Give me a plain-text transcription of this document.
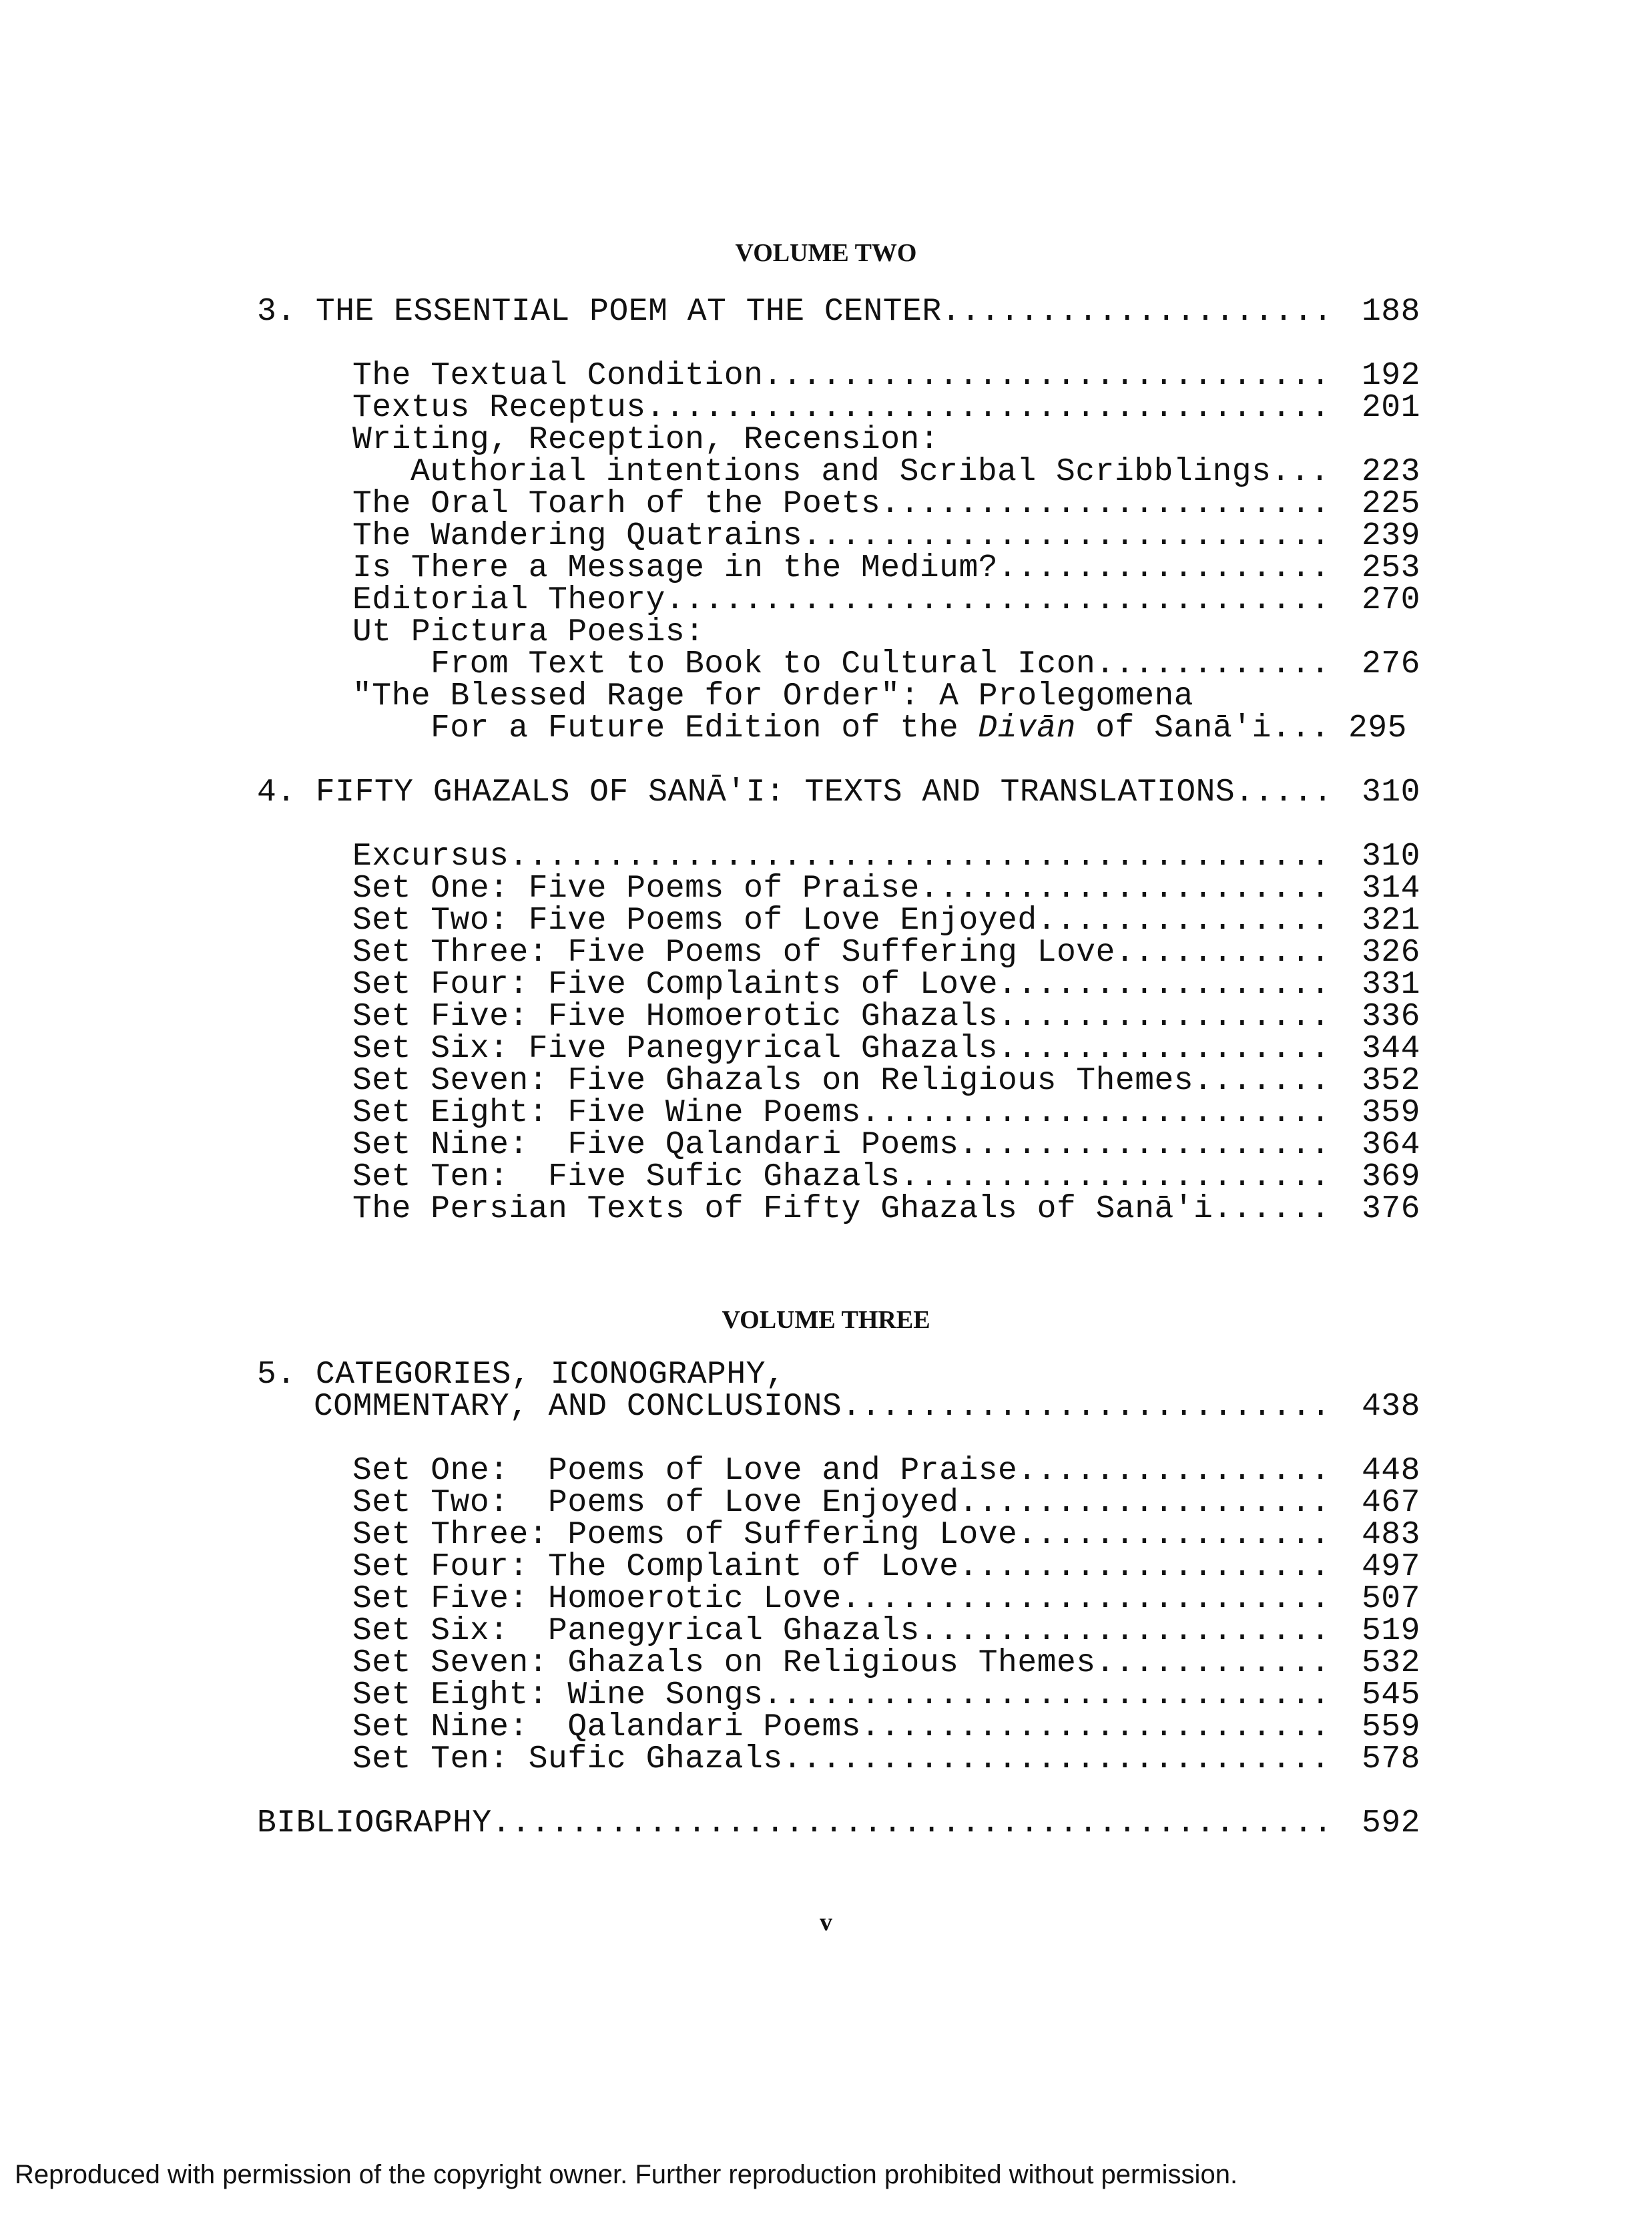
VOLUME TWO
3. THE ESSENTIAL POEM AT THE CENTER .................... 188
The Textual Condition ............................. 192
Textus Receptus ................................... 201
Writing, Reception, Recension:
Authorial intentions and Scribal Scribblings ... 223
The Oral Toarh of the Poets ....................... 225
The Wandering Quatrains ........................... 239
Is There a Message in the Medium? ................. 253
Editorial Theory .................................. 270
Ut Pictura Poesis:
From Text to Book to Cultural Icon ............ 276
"The Blessed Rage for Order": A Prolegomena
For a Future Edition of the Divān of Sanā'i ... 295
4. FIFTY GHAZALS OF SANĀ'I: TEXTS AND TRANSLATIONS ..... 310
Excursus .......................................... 310
Set One: Five Poems of Praise ..................... 314
Set Two: Five Poems of Love Enjoyed ............... 321
Set Three: Five Poems of Suffering Love ........... 326
Set Four: Five Complaints of Love ................. 331
Set Five: Five Homoerotic Ghazals ................. 336
Set Six: Five Panegyrical Ghazals ................. 344
Set Seven: Five Ghazals on Religious Themes ....... 352
Set Eight: Five Wine Poems ........................ 359
Set Nine:  Five Qalandari Poems ................... 364
Set Ten:  Five Sufic Ghazals ...................... 369
The Persian Texts of Fifty Ghazals of Sanā'i ...... 376
5. CATEGORIES, ICONOGRAPHY,
COMMENTARY, AND CONCLUSIONS ......................... 438
Set One:  Poems of Love and Praise ................ 448
Set Two:  Poems of Love Enjoyed ................... 467
Set Three: Poems of Suffering Love ................ 483
Set Four: The Complaint of Love ................... 497
Set Five: Homoerotic Love ......................... 507
Set Six:  Panegyrical Ghazals ..................... 519
Set Seven: Ghazals on Religious Themes ............ 532
Set Eight: Wine Songs ............................. 545
Set Nine:  Qalandari Poems ........................ 559
Set Ten: Sufic Ghazals ............................ 578
BIBLIOGRAPHY ........................................... 592
VOLUME THREE
v
Reproduced with permission of the copyright owner. Further reproduction prohibited without permission.
